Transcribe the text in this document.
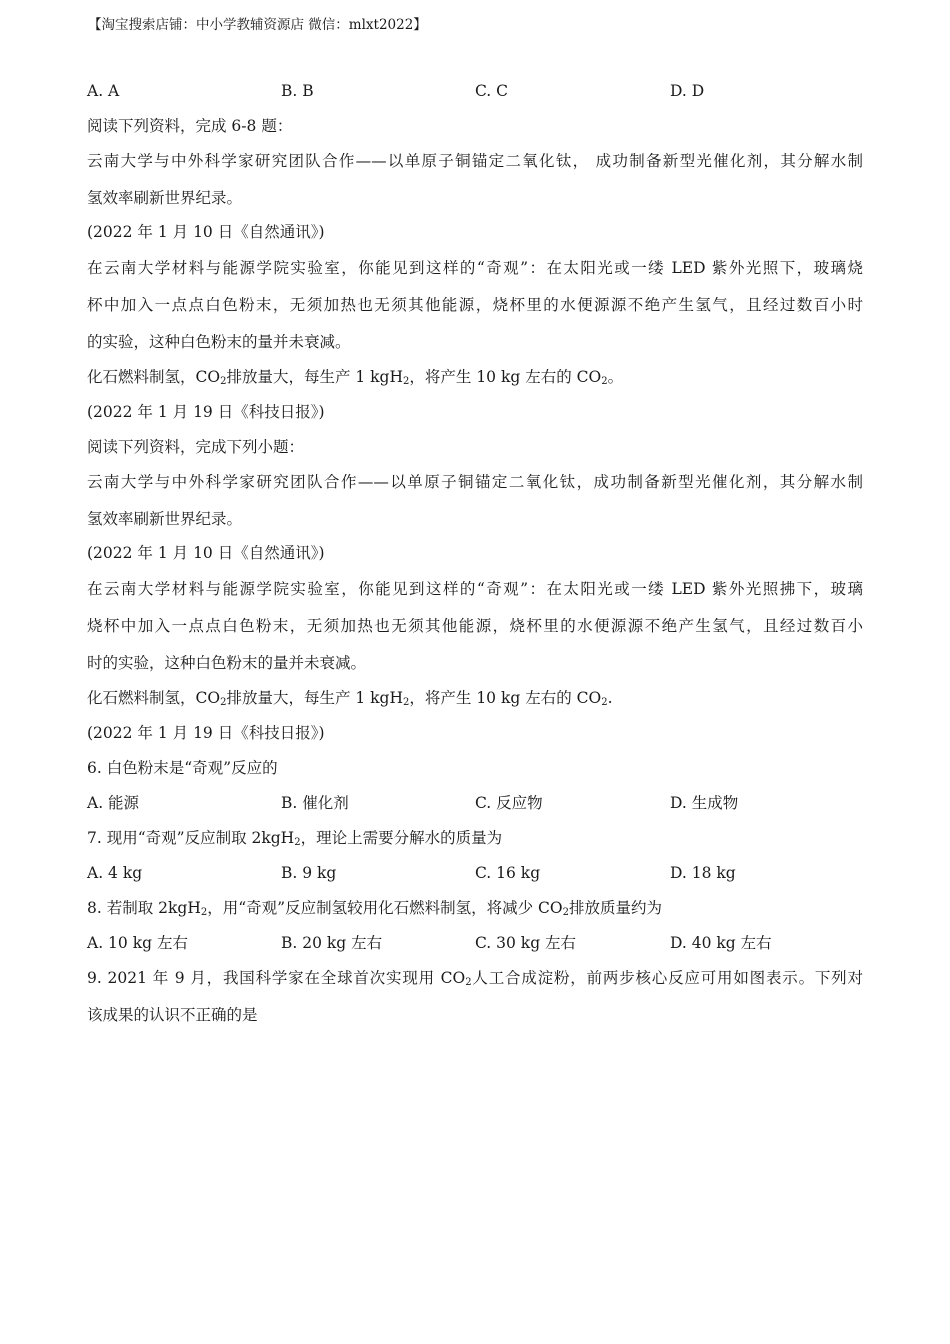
【淘宝搜索店铺：中小学教辅资源店 微信：mlxt2022】
A. A	B. B	C. C	D. D
阅读下列资料，完成 6-8 题：
云南大学与中外科学家研究团队合作——以单原子铜锚定二氧化钛， 成功制备新型光催化剂，其分解水制
氢效率刷新世界纪录。
(2022 年 1 月 10 日《自然通讯》)
在云南大学材料与能源学院实验室，你能见到这样的“奇观”：在太阳光或一缕 LED 紫外光照下，玻璃烧
杯中加入一点点白色粉末，无须加热也无须其他能源，烧杯里的水便源源不绝产生氢气，且经过数百小时
的实验，这种白色粉末的量并未衰减。
化石燃料制氢，$CO_2$排放量大，每生产 1 kgH$_2$，将产生 10 kg 左右的 $CO_2$。
(2022 年 1 月 19 日《科技日报》)
阅读下列资料，完成下列小题：
云南大学与中外科学家研究团队合作——以单原子铜锚定二氧化钛，成功制备新型光催化剂，其分解水制
氢效率刷新世界纪录。
(2022 年 1 月 10 日《自然通讯》)
在云南大学材料与能源学院实验室，你能见到这样的“奇观”：在太阳光或一缕 LED 紫外光照拂下，玻璃
烧杯中加入一点点白色粉末，无须加热也无须其他能源，烧杯里的水便源源不绝产生氢气，且经过数百小
时的实验，这种白色粉末的量并未衰减。
化石燃料制氢，$CO_2$排放量大，每生产 1 kgH$_2$，将产生 10 kg 左右的 $CO_2$.
(2022 年 1 月 19 日《科技日报》)
6. 白色粉末是“奇观”反应的
A. 能源	B. 催化剂	C. 反应物	D. 生成物
7. 现用“奇观”反应制取 2kgH$_2$，理论上需要分解水的质量为
A. 4 kg	B. 9 kg	C. 16 kg	D. 18 kg
8. 若制取 2kgH$_2$，用“奇观”反应制氢较用化石燃料制氢，将减少 $CO_2$排放质量约为
A. 10 kg 左右	B. 20 kg 左右	C. 30 kg 左右	D. 40 kg 左右
9. 2021 年 9 月，我国科学家在全球首次实现用 $CO_2$人工合成淀粉，前两步核心反应可用如图表示。下列对
该成果的认识不正确的是
